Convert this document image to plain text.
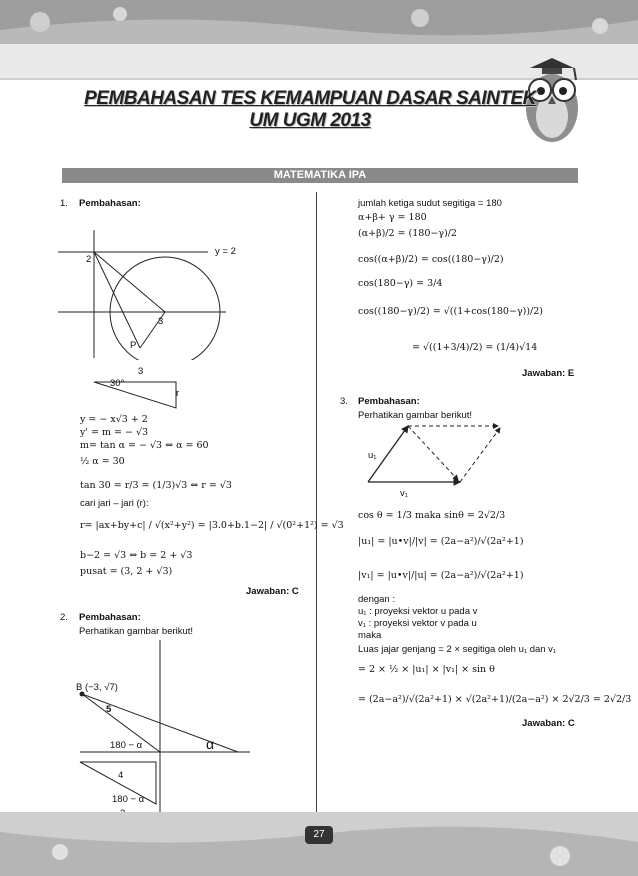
PEMBAHASAN TES KEMAMPUAN DASAR SAINTEK
UM UGM 2013
MATEMATIKA IPA
1. Pembahasan:
y = 2
2
3
P
3
30°
r
y = − x√3 + 2
y' = m = − √3
m= tan α = − √3 ⇔ α = 60
½ α = 30
tan 30 = r/3 = (1/3)√3 ⇔ r = √3
cari jari – jari (r):
r= |ax+by+c| / √(x²+y²) = |3.0+b.1−2| / √(0²+1²) = √3
b−2 = √3 ⇔ b = 2 + √3
pusat = (3, 2 + √3)
Jawaban: C
2. Pembahasan:
Perhatikan gambar berikut!
B (−3, √7)
5
180 − α	α
4
180 − α
jumlah ketiga sudut segitiga = 180
α+β+ γ = 180
(α+β)/2 = (180−γ)/2
cos((α+β)/2) = cos((180−γ)/2)
cos(180−γ) = 3/4
cos((180−γ)/2) = √((1+cos(180−γ))/2)
= √((1+3/4)/2) = (1/4)√14
Jawaban: E
3. Pembahasan:
Perhatikan gambar berikut!
u₁
v₁
cos θ = 1/3 maka sinθ = 2√2/3
|u₁| = |u•v|/|v| = (2a−a²)/√(2a²+1)
|v₁| = |u•v|/|u| = (2a−a²)/√(2a²+1)
dengan :
u₁ : proyeksi vektor u pada v
v₁ : proyeksi vektor v pada u
maka
Luas jajar genjang = 2 × segitiga oleh u₁ dan v₁
= 2 × ½ × |u₁| × |v₁| × sin θ
= (2a−a²)/√(2a²+1) × √(2a²+1)/(2a−a²) × 2√2/3 = 2√2/3
Jawaban: C
27
